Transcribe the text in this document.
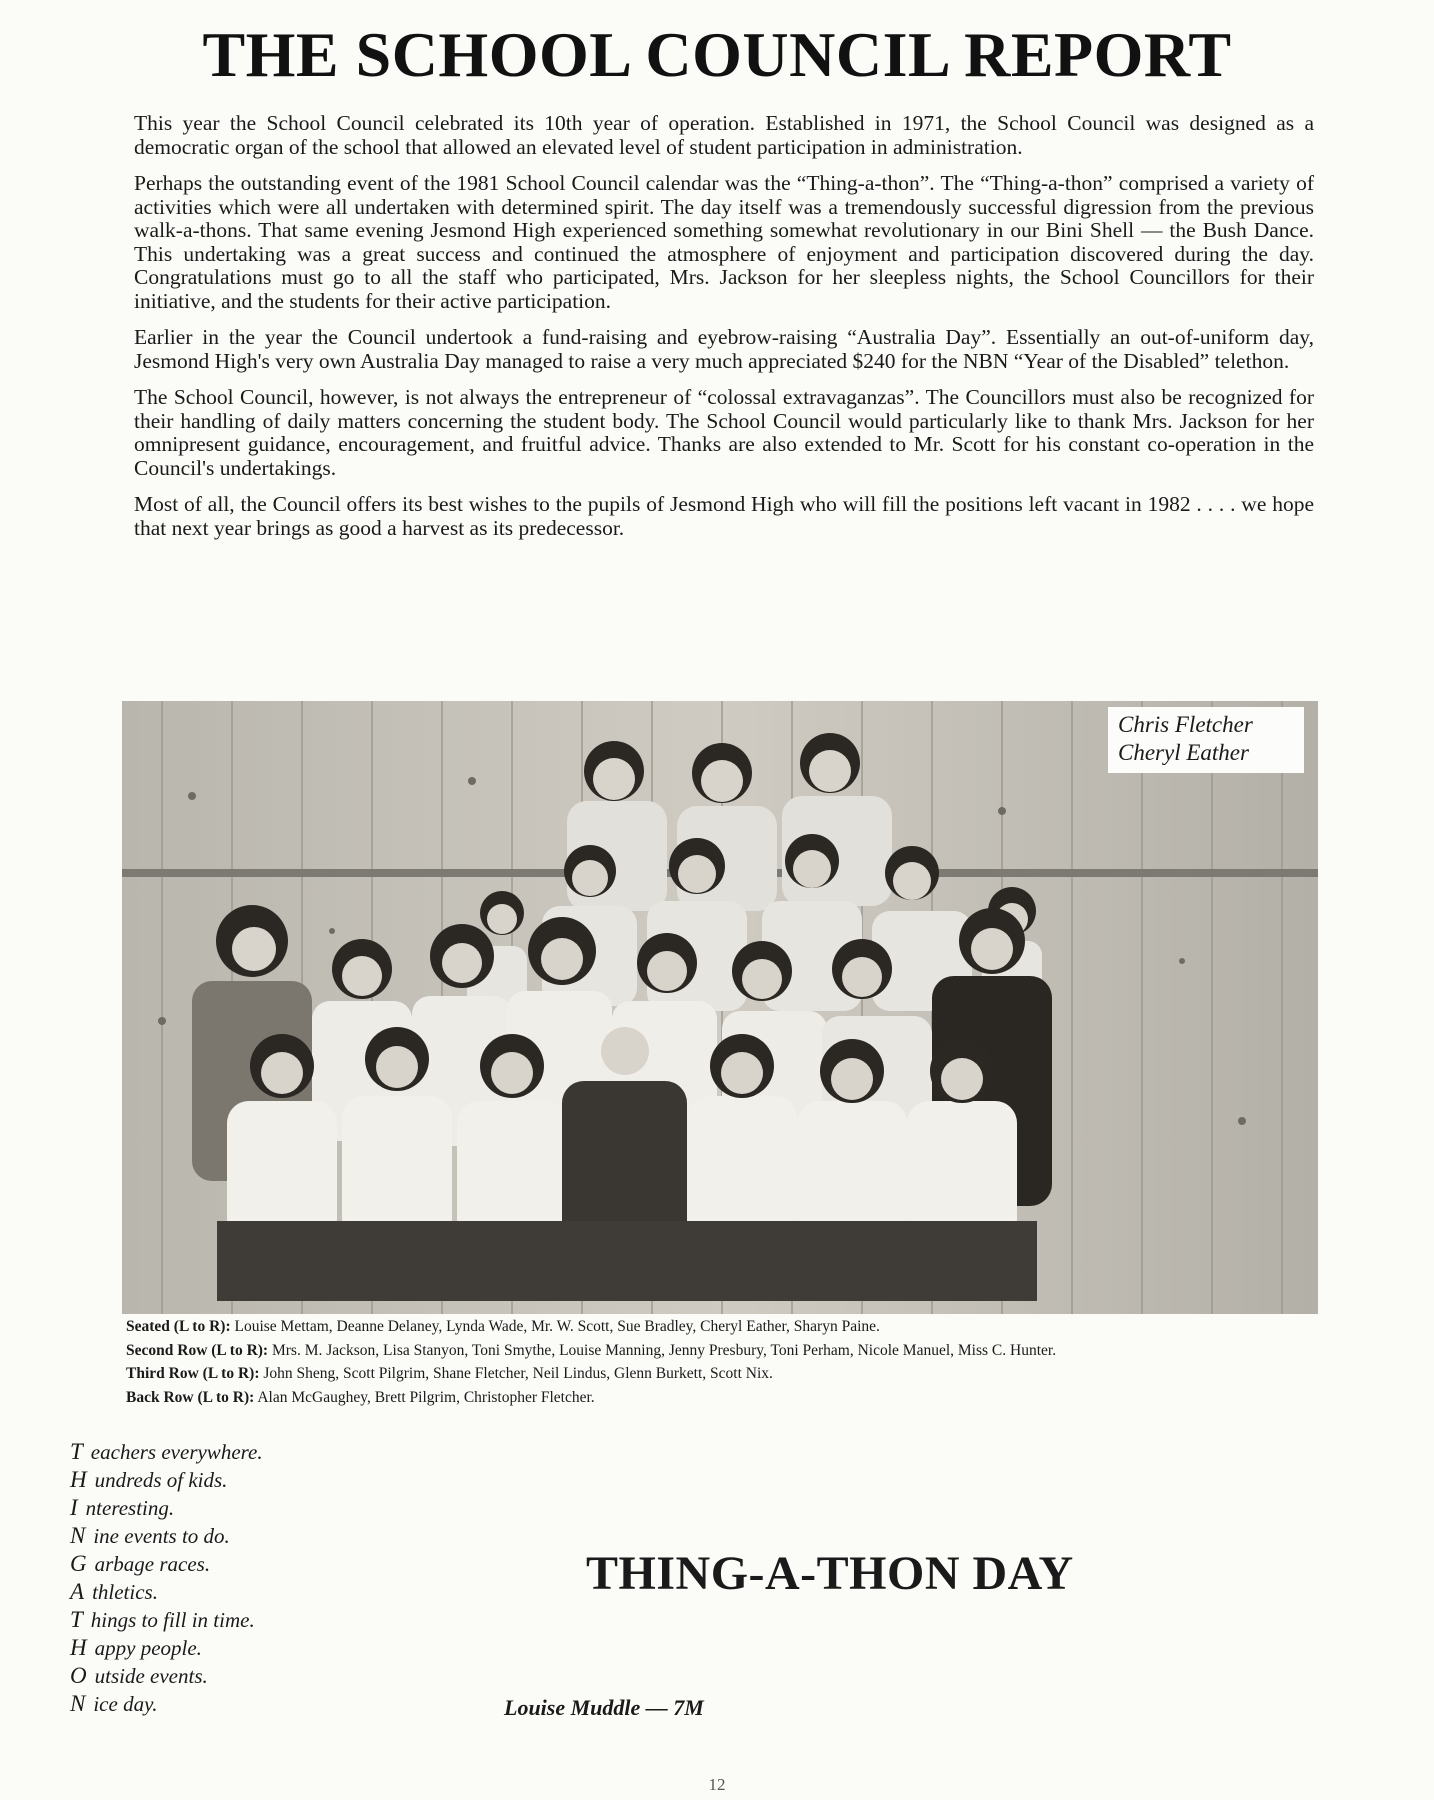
THE SCHOOL COUNCIL REPORT

This year the School Council celebrated its 10th year of operation. Established in 1971, the School Council was designed as a democratic organ of the school that allowed an elevated level of student participation in administration.

Perhaps the outstanding event of the 1981 School Council calendar was the “Thing-a-thon”. The “Thing-a-thon” comprised a variety of activities which were all undertaken with determined spirit. The day itself was a tremendously successful digression from the previous walk-a-thons. That same evening Jesmond High experienced something somewhat revolutionary in our Bini Shell — the Bush Dance. This undertaking was a great success and continued the atmosphere of enjoyment and participation discovered during the day. Congratulations must go to all the staff who participated, Mrs. Jackson for her sleepless nights, the School Councillors for their initiative, and the students for their active participation.

Earlier in the year the Council undertook a fund-raising and eyebrow-raising “Australia Day”. Essentially an out-of-uniform day, Jesmond High's very own Australia Day managed to raise a very much appreciated $240 for the NBN “Year of the Disabled” telethon.

The School Council, however, is not always the entrepreneur of “colossal extravaganzas”. The Councillors must also be recognized for their handling of daily matters concerning the student body. The School Council would particularly like to thank Mrs. Jackson for her omnipresent guidance, encouragement, and fruitful advice. Thanks are also extended to Mr. Scott for his constant co-operation in the Council's undertakings.

Most of all, the Council offers its best wishes to the pupils of Jesmond High who will fill the positions left vacant in 1982 . . . . we hope that next year brings as good a harvest as its predecessor.

Chris Fletcher
Cheryl Eather

Seated (L to R): Louise Mettam, Deanne Delaney, Lynda Wade, Mr. W. Scott, Sue Bradley, Cheryl Eather, Sharyn Paine.

Second Row (L to R): Mrs. M. Jackson, Lisa Stanyon, Toni Smythe, Louise Manning, Jenny Presbury, Toni Perham, Nicole Manuel, Miss C. Hunter.

Third Row (L to R): John Sheng, Scott Pilgrim, Shane Fletcher, Neil Lindus, Glenn Burkett, Scott Nix.

Back Row (L to R): Alan McGaughey, Brett Pilgrim, Christopher Fletcher.

T eachers everywhere.
H undreds of kids.
I nteresting.
N ine events to do.
G arbage races.
A thletics.
T hings to fill in time.
H appy people.
O utside events.
N ice day.
THING-A-THON DAY
Louise Muddle — 7M
12
